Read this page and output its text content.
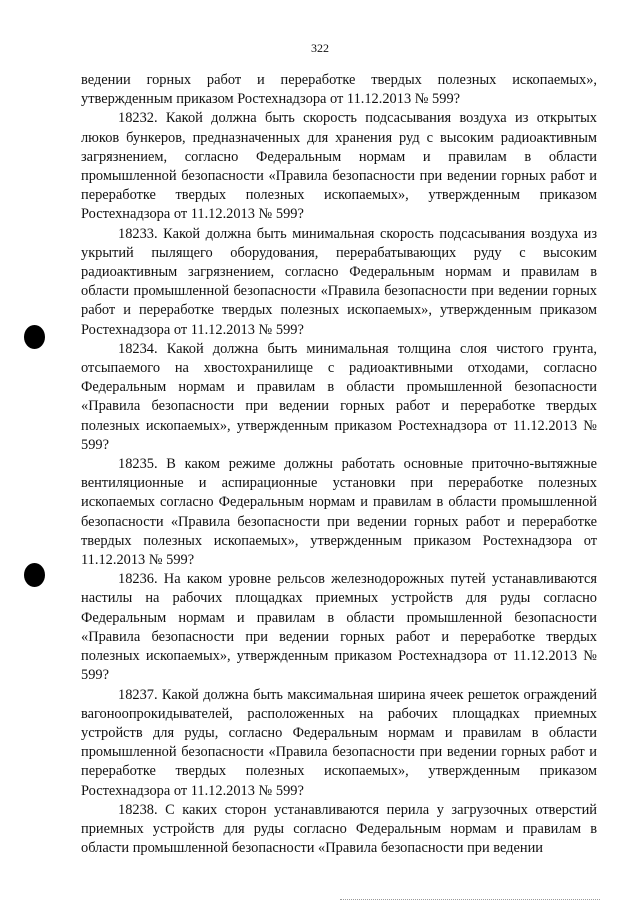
322

ведении горных работ и переработке твердых полезных ископаемых», утвержденным приказом Ростехнадзора от 11.12.2013 № 599?

18232. Какой должна быть скорость подсасывания воздуха из открытых люков бункеров, предназначенных для хранения руд с высоким радиоактивным загрязнением, согласно Федеральным нормам и правилам в области промышленной безопасности «Правила безопасности при ведении горных работ и переработке твердых полезных ископаемых», утвержденным приказом Ростехнадзора от 11.12.2013 № 599?

18233. Какой должна быть минимальная скорость подсасывания воздуха из укрытий пылящего оборудования, перерабатывающих руду с высоким радиоактивным загрязнением, согласно Федеральным нормам и правилам в области промышленной безопасности «Правила безопасности при ведении горных работ и переработке твердых полезных ископаемых», утвержденным приказом Ростехнадзора от 11.12.2013 № 599?

18234. Какой должна быть минимальная толщина слоя чистого грунта, отсыпаемого на хвостохранилище с радиоактивными отходами, согласно Федеральным нормам и правилам в области промышленной безопасности «Правила безопасности при ведении горных работ и переработке твердых полезных ископаемых», утвержденным приказом Ростехнадзора от 11.12.2013 № 599?

18235. В каком режиме должны работать основные приточно-вытяжные вентиляционные и аспирационные установки при переработке полезных ископаемых согласно Федеральным нормам и правилам в области промышленной безопасности «Правила безопасности при ведении горных работ и переработке твердых полезных ископаемых», утвержденным приказом Ростехнадзора от 11.12.2013 № 599?

18236. На каком уровне рельсов железнодорожных путей устанавливаются настилы на рабочих площадках приемных устройств для руды согласно Федеральным нормам и правилам в области промышленной безопасности «Правила безопасности при ведении горных работ и переработке твердых полезных ископаемых», утвержденным приказом Ростехнадзора от 11.12.2013 № 599?

18237. Какой должна быть максимальная ширина ячеек решеток ограждений вагоноопрокидывателей, расположенных на рабочих площадках приемных устройств для руды, согласно Федеральным нормам и правилам в области промышленной безопасности «Правила безопасности при ведении горных работ и переработке твердых полезных ископаемых», утвержденным приказом Ростехнадзора от 11.12.2013 № 599?

18238. С каких сторон устанавливаются перила у загрузочных отверстий приемных устройств для руды согласно Федеральным нормам и правилам в области промышленной безопасности «Правила безопасности при ведении
